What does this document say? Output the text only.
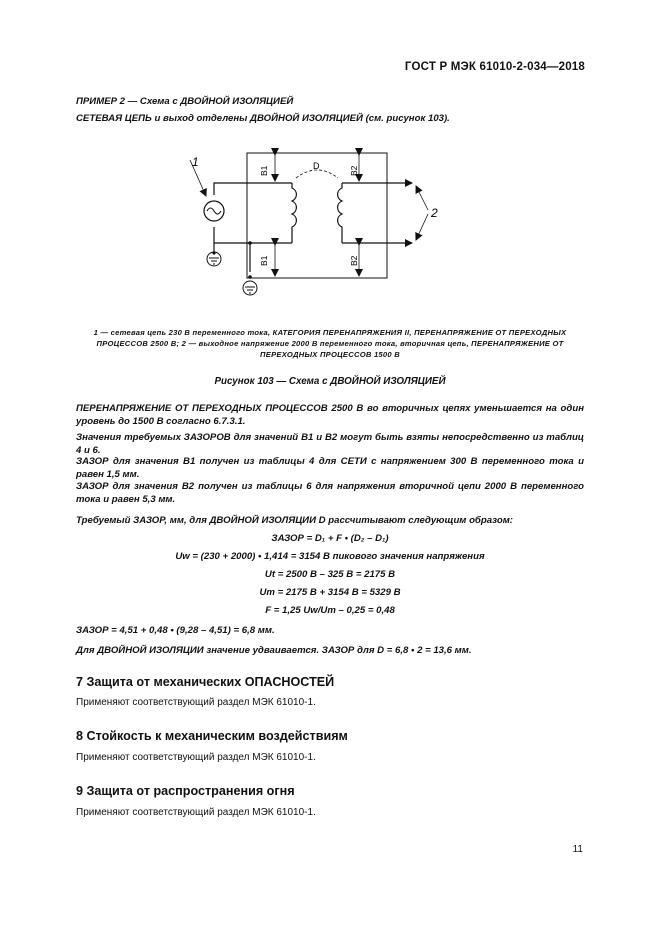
ГОСТ Р МЭК 61010-2-034—2018
ПРИМЕР 2 — Схема с ДВОЙНОЙ ИЗОЛЯЦИЕЙ
СЕТЕВАЯ ЦЕПЬ и выход отделены ДВОЙНОЙ ИЗОЛЯЦИЕЙ (см. рисунок 103).
1
2
D
B1	B2
B1	B2
1 — сетевая цепь 230 В переменного тока, КАТЕГОРИЯ ПЕРЕНАПРЯЖЕНИЯ II, ПЕРЕНАПРЯЖЕНИЕ ОТ ПЕРЕХОДНЫХ ПРОЦЕССОВ 2500 В; 2 — выходное напряжение 2000 В переменного тока, вторичная цепь, ПЕРЕНАПРЯЖЕНИЕ ОТ ПЕРЕХОДНЫХ ПРОЦЕССОВ 1500 В
Рисунок 103 — Схема с ДВОЙНОЙ ИЗОЛЯЦИЕЙ
ПЕРЕНАПРЯЖЕНИЕ ОТ ПЕРЕХОДНЫХ ПРОЦЕССОВ 2500 В во вторичных цепях уменьшается на один уровень до 1500 В согласно 6.7.3.1.
Значения требуемых ЗАЗОРОВ для значений В1 и В2 могут быть взяты непосредственно из таблиц 4 и 6.
ЗАЗОР для значения В1 получен из таблицы 4 для СЕТИ с напряжением 300 В переменного тока и равен 1,5 мм.
ЗАЗОР для значения В2 получен из таблицы 6 для напряжения вторичной цепи 2000 В переменного тока и равен 5,3 мм.
Требуемый ЗАЗОР, мм, для ДВОЙНОЙ ИЗОЛЯЦИИ D рассчитывают следующим образом:
ЗАЗОР = D₁ + F • (D₂ – D₁)
Uw = (230 + 2000) • 1,414 = 3154 В пикового значения напряжения
Ut = 2500 В – 325 В = 2175 В
Um = 2175 В + 3154 В = 5329 В
F = 1,25 Uw/Um – 0,25 = 0,48
ЗАЗОР = 4,51 + 0,48 • (9,28 – 4,51) = 6,8 мм.
Для ДВОЙНОЙ ИЗОЛЯЦИИ значение удваивается. ЗАЗОР для D = 6,8 • 2 = 13,6 мм.
7 Защита от механических ОПАСНОСТЕЙ
Применяют соответствующий раздел МЭК 61010-1.
8 Стойкость к механическим воздействиям
Применяют соответствующий раздел МЭК 61010-1.
9 Защита от распространения огня
Применяют соответствующий раздел МЭК 61010-1.
11
